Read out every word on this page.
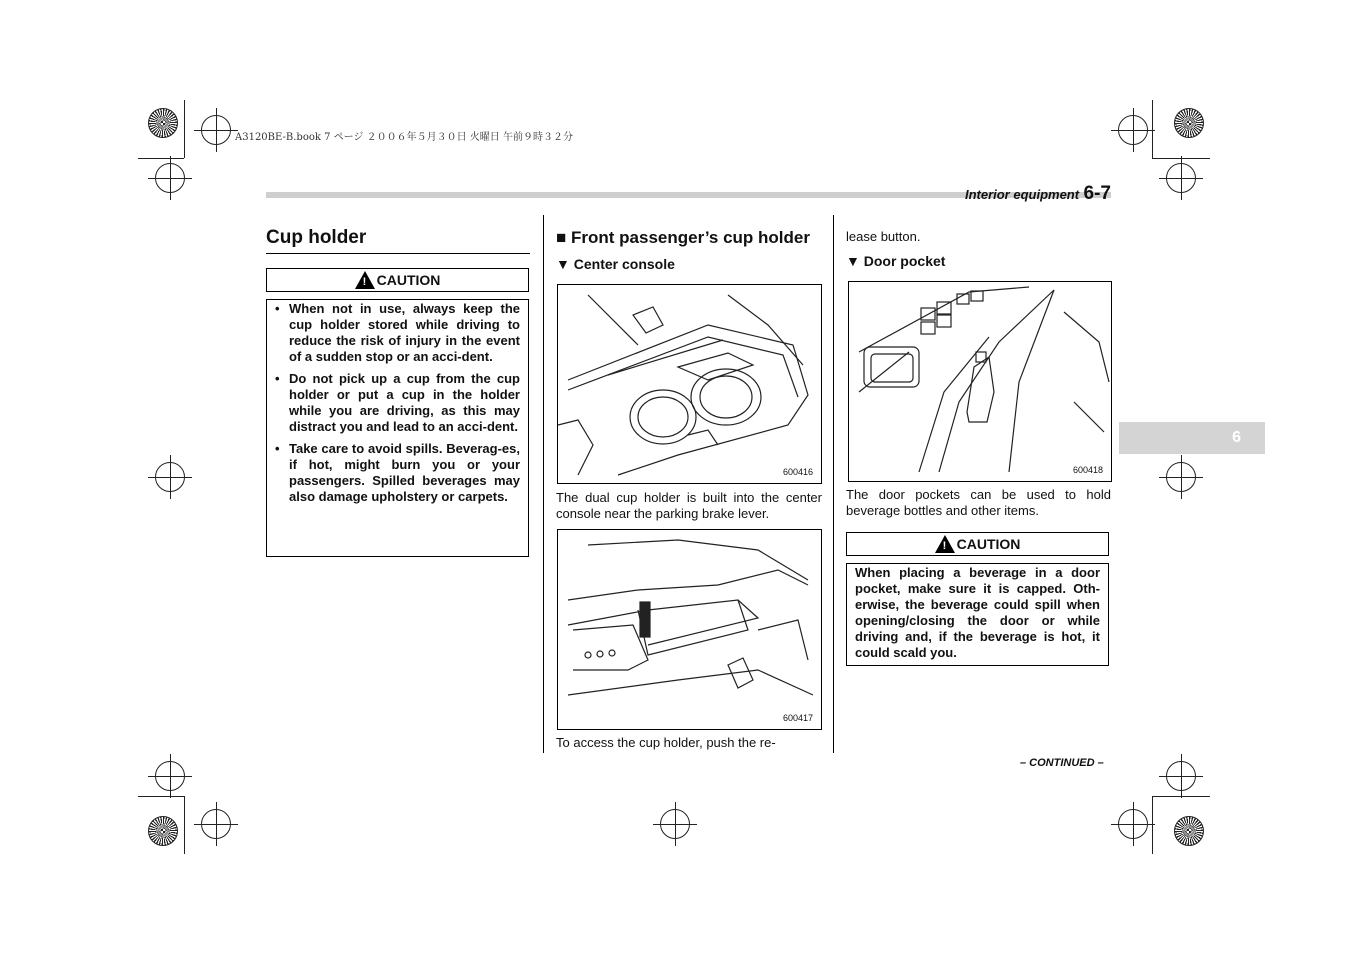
A3120BE-B.book 7 ページ ２００６年５月３０日 火曜日 午前９時３２分
Interior equipment 6-7
Cup holder
! CAUTION
• When not in use, always keep the cup holder stored while driving to reduce the risk of injury in the event of a sudden stop or an acci-dent.
• Do not pick up a cup from the cup holder or put a cup in the holder while you are driving, as this may distract you and lead to an acci-dent.
• Take care to avoid spills. Beverag-es, if hot, might burn you or your passengers. Spilled beverages may also damage upholstery or carpets.
■ Front passenger’s cup holder
▼ Center console
600416
The dual cup holder is built into the center console near the parking brake lever.
600417
To access the cup holder, push the re-
lease button.
▼ Door pocket
600418
The door pockets can be used to hold beverage bottles and other items.
! CAUTION
When placing a beverage in a door pocket, make sure it is capped. Oth-erwise, the beverage could spill when opening/closing the door or while driving and, if the beverage is hot, it could scald you.
6
– CONTINUED –
